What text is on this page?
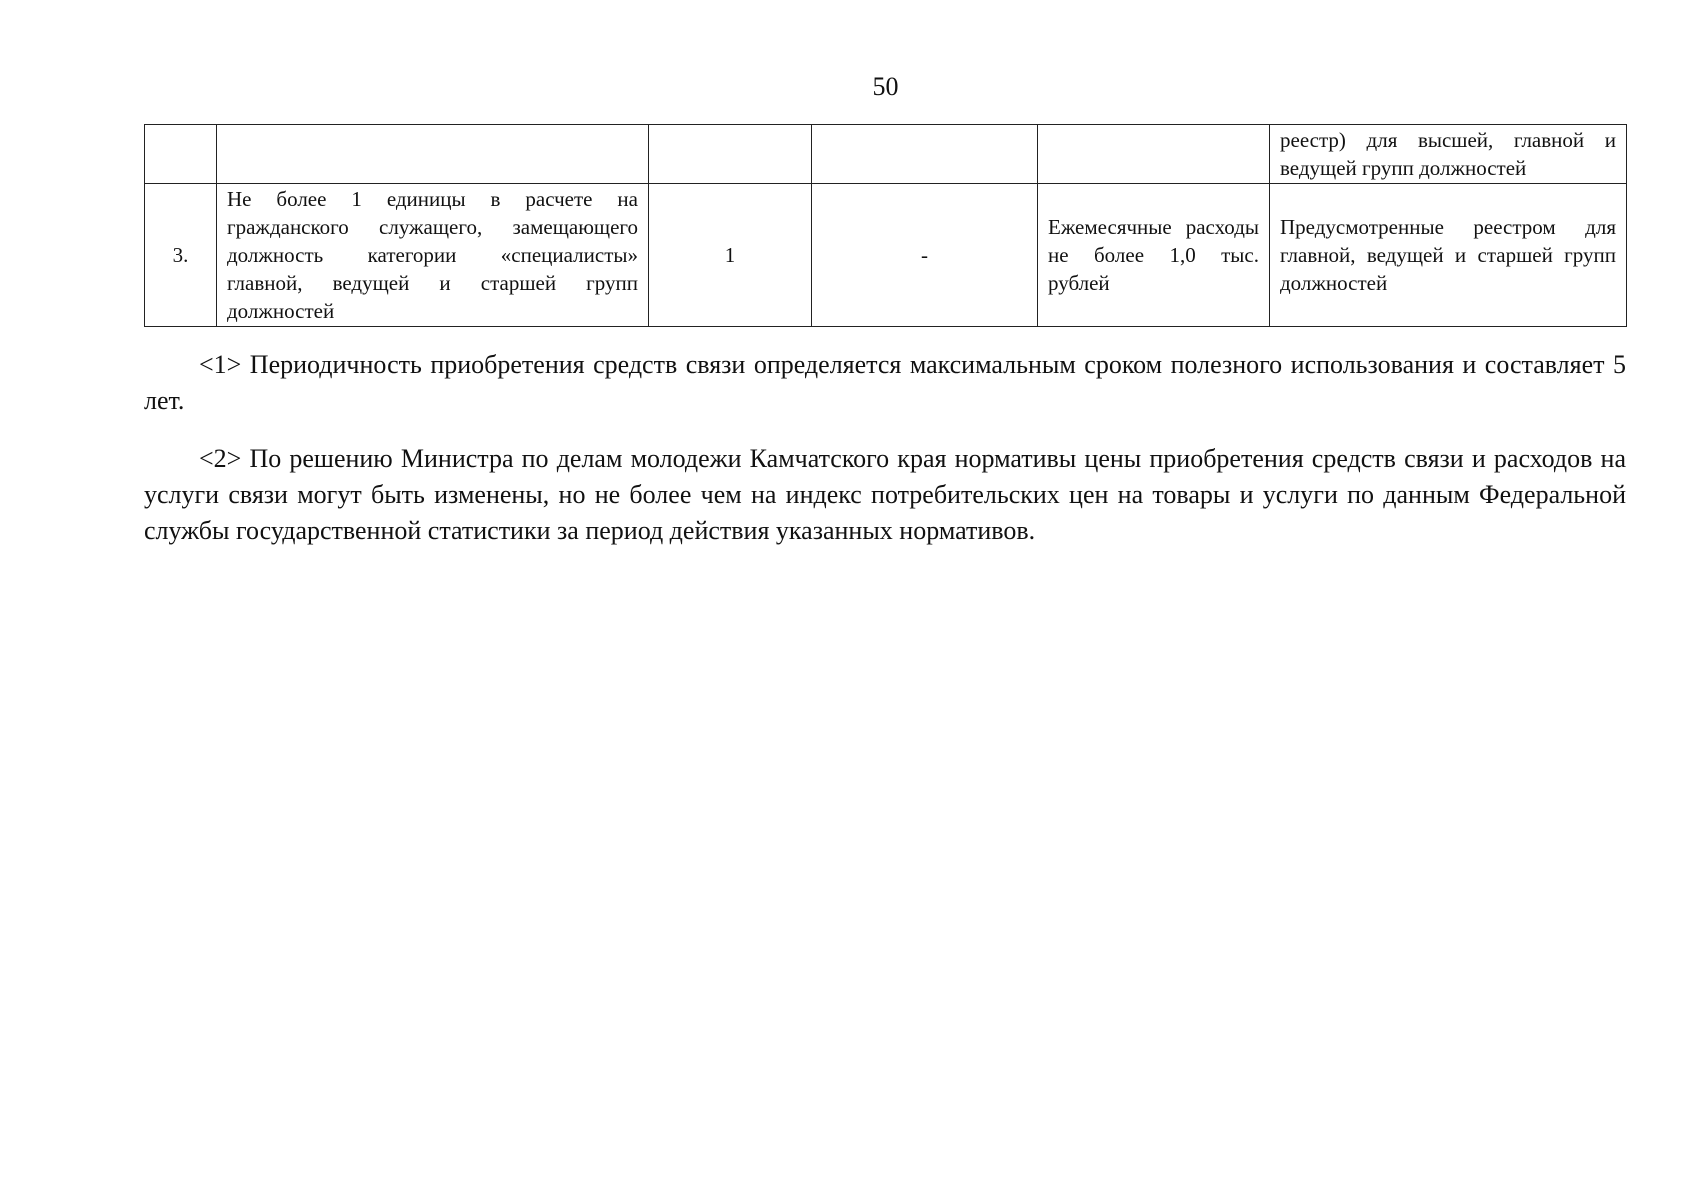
50
					реестр) для высшей, главной и ведущей групп должностей
3.	Не более 1 единицы в расчете на гражданского служащего, замещающего должность категории «специалисты» главной, ведущей и старшей групп должностей	1	-	Ежемесячные расходы не более 1,0 тыс. рублей	Предусмотренные реестром для главной, ведущей и старшей групп должностей

<1> Периодичность приобретения средств связи определяется максимальным сроком полезного использования и составляет 5 лет.

<2> По решению Министра по делам молодежи Камчатского края нормативы цены приобретения средств связи и расходов на услуги связи могут быть изменены, но не более чем на индекс потребительских цен на товары и услуги по данным Федеральной службы государственной статистики за период действия указанных нормативов.
